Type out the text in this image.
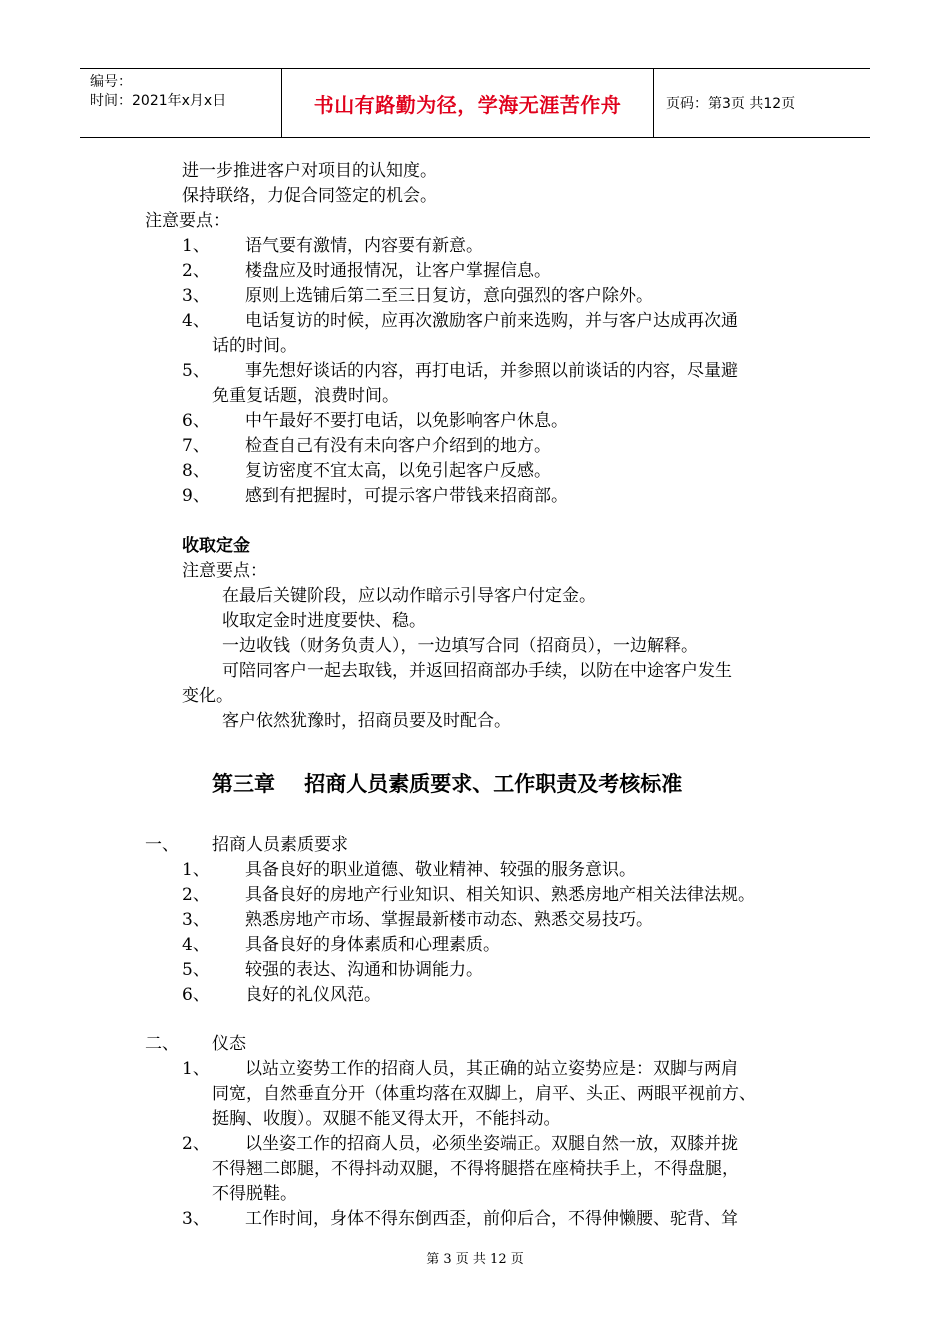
编号：
时间：2021年x月x日	书山有路勤为径，学海无涯苦作舟	页码：第3页 共12页
进一步推进客户对项目的认知度。
保持联络，力促合同签定的机会。
注意要点：
1、 语气要有激情，内容要有新意。
2、 楼盘应及时通报情况，让客户掌握信息。
3、 原则上选铺后第二至三日复访，意向强烈的客户除外。
4、 电话复访的时候，应再次激励客户前来选购，并与客户达成再次通
话的时间。
5、 事先想好谈话的内容，再打电话，并参照以前谈话的内容，尽量避
免重复话题，浪费时间。
6、 中午最好不要打电话，以免影响客户休息。
7、 检查自己有没有未向客户介绍到的地方。
8、 复访密度不宜太高，以免引起客户反感。
9、 感到有把握时，可提示客户带钱来招商部。
收取定金
注意要点：
在最后关键阶段，应以动作暗示引导客户付定金。
收取定金时进度要快、稳。
一边收钱（财务负责人），一边填写合同（招商员），一边解释。
可陪同客户一起去取钱，并返回招商部办手续，以防在中途客户发生
变化。
客户依然犹豫时，招商员要及时配合。
第三章    招商人员素质要求、工作职责及考核标准
一、 招商人员素质要求
1、 具备良好的职业道德、敬业精神、较强的服务意识。
2、 具备良好的房地产行业知识、相关知识、熟悉房地产相关法律法规。
3、 熟悉房地产市场、掌握最新楼市动态、熟悉交易技巧。
4、 具备良好的身体素质和心理素质。
5、 较强的表达、沟通和协调能力。
6、 良好的礼仪风范。
二、 仪态
1、 以站立姿势工作的招商人员，其正确的站立姿势应是：双脚与两肩
同宽，自然垂直分开（体重均落在双脚上，肩平、头正、两眼平视前方、
挺胸、收腹）。双腿不能叉得太开，不能抖动。
2、 以坐姿工作的招商人员，必须坐姿端正。双腿自然一放，双膝并拢
不得翘二郎腿，不得抖动双腿，不得将腿搭在座椅扶手上，不得盘腿，
不得脱鞋。
3、 工作时间，身体不得东倒西歪，前仰后合，不得伸懒腰、驼背、耸
第 3 页 共 12 页
